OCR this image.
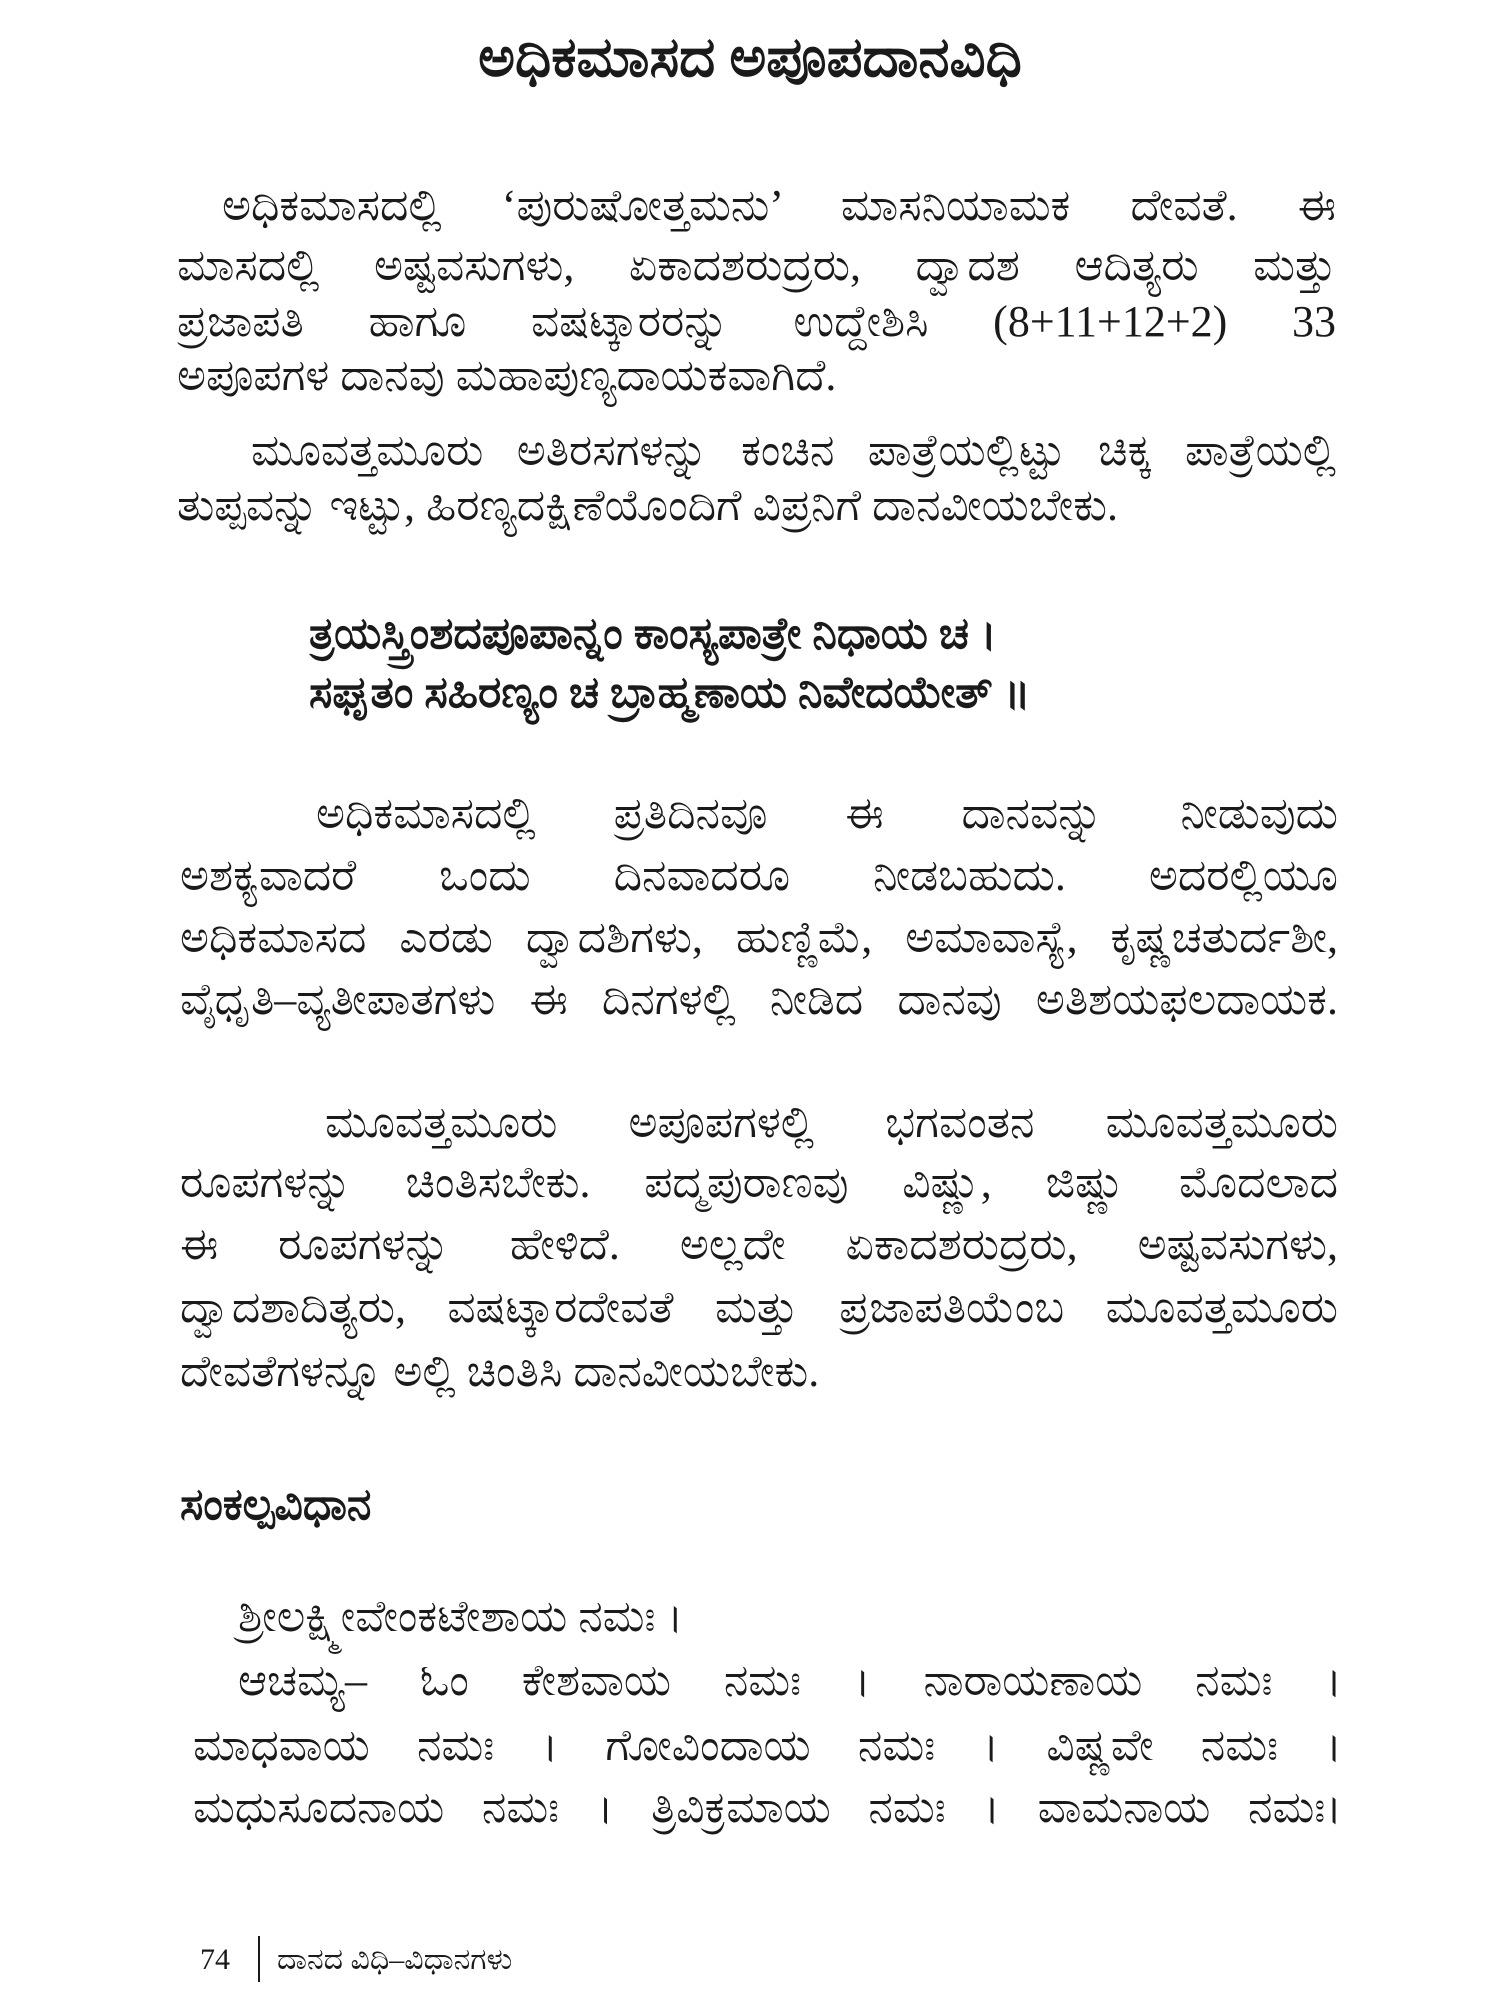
ಅಧಿಕಮಾಸದ ಅಪೂಪದಾನವಿಧಿ
ಅಧಿಕಮಾಸದಲ್ಲಿ ‘ಪುರುಷೋತ್ತಮನು’ ಮಾಸನಿಯಾಮಕ ದೇವತೆ. ಈ
ಮಾಸದಲ್ಲಿ ಅಷ್ಟವಸುಗಳು, ಏಕಾದಶರುದ್ರರು, ದ್ವಾದಶ ಆದಿತ್ಯರು ಮತ್ತು
ಪ್ರಜಾಪತಿ ಹಾಗೂ ವಷಟ್ಕಾರರನ್ನು ಉದ್ದೇಶಿಸಿ (8+11+12+2) 33
ಅಪೂಪಗಳ ದಾನವು ಮಹಾಪುಣ್ಯದಾಯಕವಾಗಿದೆ.
ಮೂವತ್ತಮೂರು ಅತಿರಸಗಳನ್ನು ಕಂಚಿನ ಪಾತ್ರೆಯಲ್ಲಿಟ್ಟು ಚಿಕ್ಕ ಪಾತ್ರೆಯಲ್ಲಿ
ತುಪ್ಪವನ್ನು ಇಟ್ಟು, ಹಿರಣ್ಯದಕ್ಷಿಣೆಯೊಂದಿಗೆ ವಿಪ್ರನಿಗೆ ದಾನವೀಯಬೇಕು.
ತ್ರಯಸ್ತ್ರಿಂಶದಪೂಪಾನ್ನಂ ಕಾಂಸ್ಯಪಾತ್ರೇ ನಿಧಾಯ ಚ ।
ಸಘೃತಂ ಸಹಿರಣ್ಯಂ ಚ ಬ್ರಾಹ್ಮಣಾಯ ನಿವೇದಯೇತ್ ॥
ಅಧಿಕಮಾಸದಲ್ಲಿ ಪ್ರತಿದಿನವೂ ಈ ದಾನವನ್ನು ನೀಡುವುದು
ಅಶಕ್ಯವಾದರೆ ಒಂದು ದಿನವಾದರೂ ನೀಡಬಹುದು. ಅದರಲ್ಲಿಯೂ
ಅಧಿಕಮಾಸದ ಎರಡು ದ್ವಾದಶಿಗಳು, ಹುಣ್ಣಿಮೆ, ಅಮಾವಾಸ್ಯೆ, ಕೃಷ್ಣಚತುರ್ದಶೀ,
ವೈಧೃತಿ–ವ್ಯತೀಪಾತಗಳು ಈ ದಿನಗಳಲ್ಲಿ ನೀಡಿದ ದಾನವು ಅತಿಶಯಫಲದಾಯಕ.
ಮೂವತ್ತಮೂರು ಅಪೂಪಗಳಲ್ಲಿ ಭಗವಂತನ ಮೂವತ್ತಮೂರು
ರೂಪಗಳನ್ನು ಚಿಂತಿಸಬೇಕು. ಪದ್ಮಪುರಾಣವು ವಿಷ್ಣು, ಜಿಷ್ಣು ಮೊದಲಾದ
ಈ ರೂಪಗಳನ್ನು ಹೇಳಿದೆ. ಅಲ್ಲದೇ ಏಕಾದಶರುದ್ರರು, ಅಷ್ಟವಸುಗಳು,
ದ್ವಾದಶಾದಿತ್ಯರು, ವಷಟ್ಕಾರದೇವತೆ ಮತ್ತು ಪ್ರಜಾಪತಿಯೆಂಬ ಮೂವತ್ತಮೂರು
ದೇವತೆಗಳನ್ನೂ ಅಲ್ಲಿ ಚಿಂತಿಸಿ ದಾನವೀಯಬೇಕು.
ಸಂಕಲ್ಪವಿಧಾನ
ಶ್ರೀಲಕ್ಷ್ಮೀವೇಂಕಟೇಶಾಯ ನಮಃ ।
ಆಚಮ್ಯ– ಓಂ ಕೇಶವಾಯ ನಮಃ । ನಾರಾಯಣಾಯ ನಮಃ ।
ಮಾಧವಾಯ ನಮಃ । ಗೋವಿಂದಾಯ ನಮಃ । ವಿಷ್ಣವೇ ನಮಃ ।
ಮಧುಸೂದನಾಯ ನಮಃ । ತ್ರಿವಿಕ್ರಮಾಯ ನಮಃ । ವಾಮನಾಯ ನಮಃ।
74 ದಾನದ ವಿಧಿ–ವಿಧಾನಗಳು
